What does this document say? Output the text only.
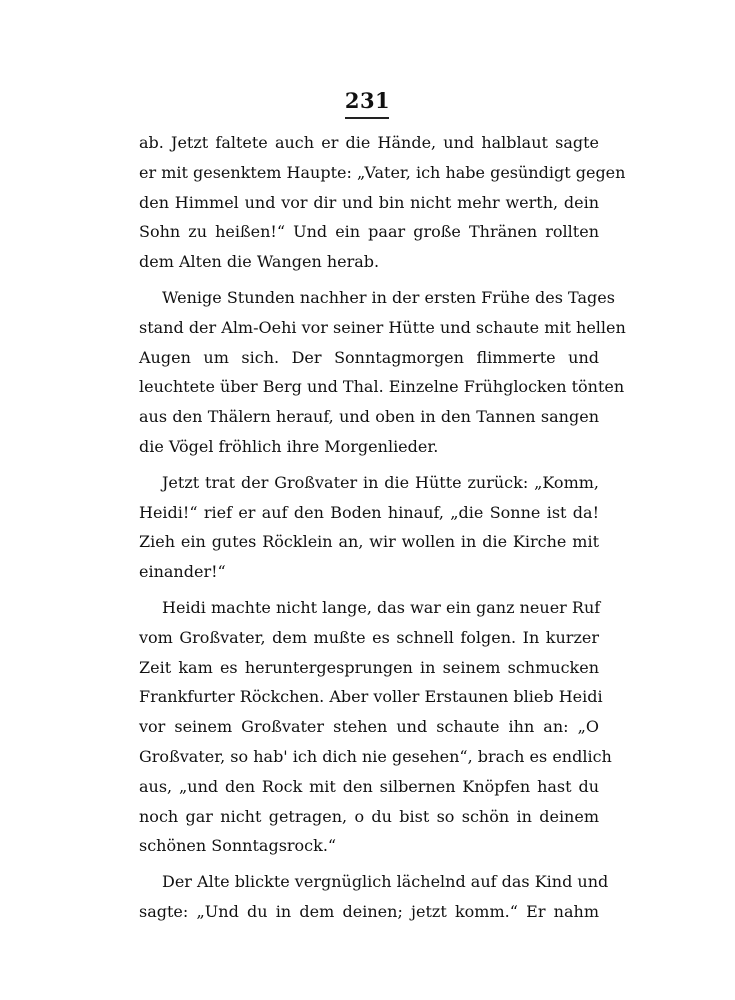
231
ab. Jetzt faltete auch er die Hände, und halblaut sagte
er mit gesenktem Haupte: „Vater, ich habe gesündigt gegen
den Himmel und vor dir und bin nicht mehr werth, dein
Sohn zu heißen!“ Und ein paar große Thränen rollten
dem Alten die Wangen herab.
Wenige Stunden nachher in der ersten Frühe des Tages
stand der Alm-Oehi vor seiner Hütte und schaute mit hellen
Augen um sich. Der Sonntagmorgen flimmerte und
leuchtete über Berg und Thal. Einzelne Frühglocken tönten
aus den Thälern herauf, und oben in den Tannen sangen
die Vögel fröhlich ihre Morgenlieder.
Jetzt trat der Großvater in die Hütte zurück: „Komm,
Heidi!“ rief er auf den Boden hinauf, „die Sonne ist da!
Zieh ein gutes Röcklein an, wir wollen in die Kirche mit
einander!“
Heidi machte nicht lange, das war ein ganz neuer Ruf
vom Großvater, dem mußte es schnell folgen. In kurzer
Zeit kam es heruntergesprungen in seinem schmucken
Frankfurter Röckchen. Aber voller Erstaunen blieb Heidi
vor seinem Großvater stehen und schaute ihn an: „O
Großvater, so hab' ich dich nie gesehen“, brach es endlich
aus, „und den Rock mit den silbernen Knöpfen hast du
noch gar nicht getragen, o du bist so schön in deinem
schönen Sonntagsrock.“
Der Alte blickte vergnüglich lächelnd auf das Kind und
sagte: „Und du in dem deinen; jetzt komm.“ Er nahm
